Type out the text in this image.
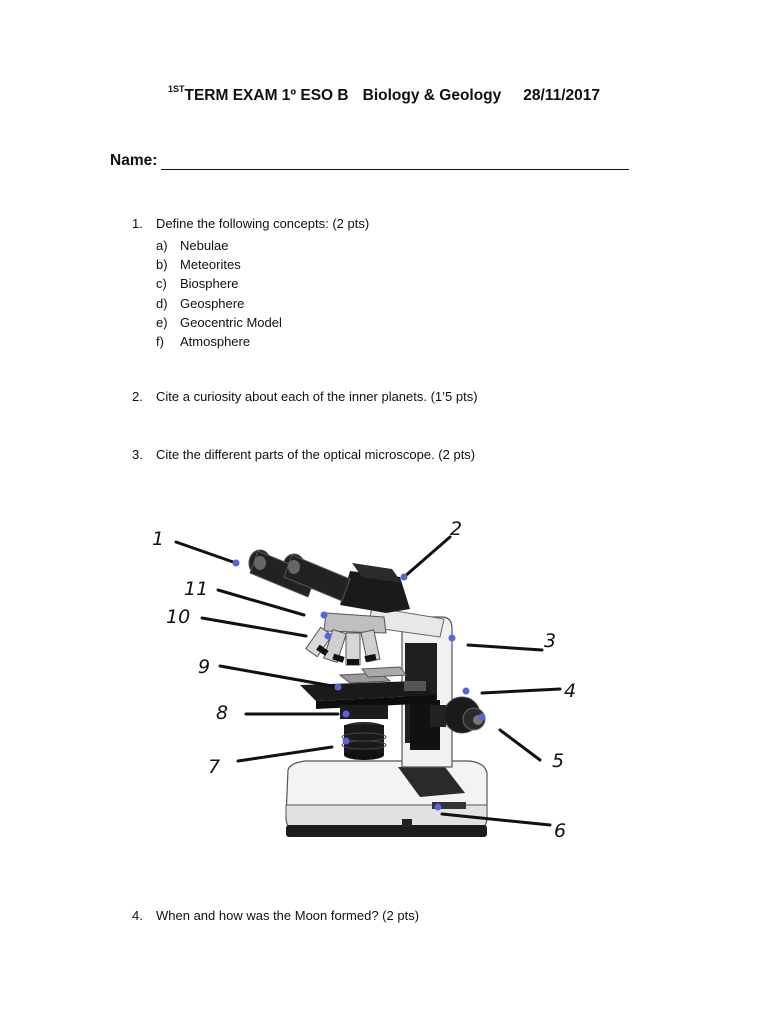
$^{1ST}$TERM EXAM 1º ESO B Biology & Geology 28/11/2017
Name:
1. Define the following concepts: (2 pts)
a) Nebulae
b) Meteorites
c) Biosphere
d) Geosphere
e) Geocentric Model
f) Atmosphere
2. Cite a curiosity about each of the inner planets. (1’5 pts)
3. Cite the different parts of the optical microscope. (2 pts)
1	2
3
4
5
6
7
8
9
10
11
4. When and how was the Moon formed? (2 pts)
